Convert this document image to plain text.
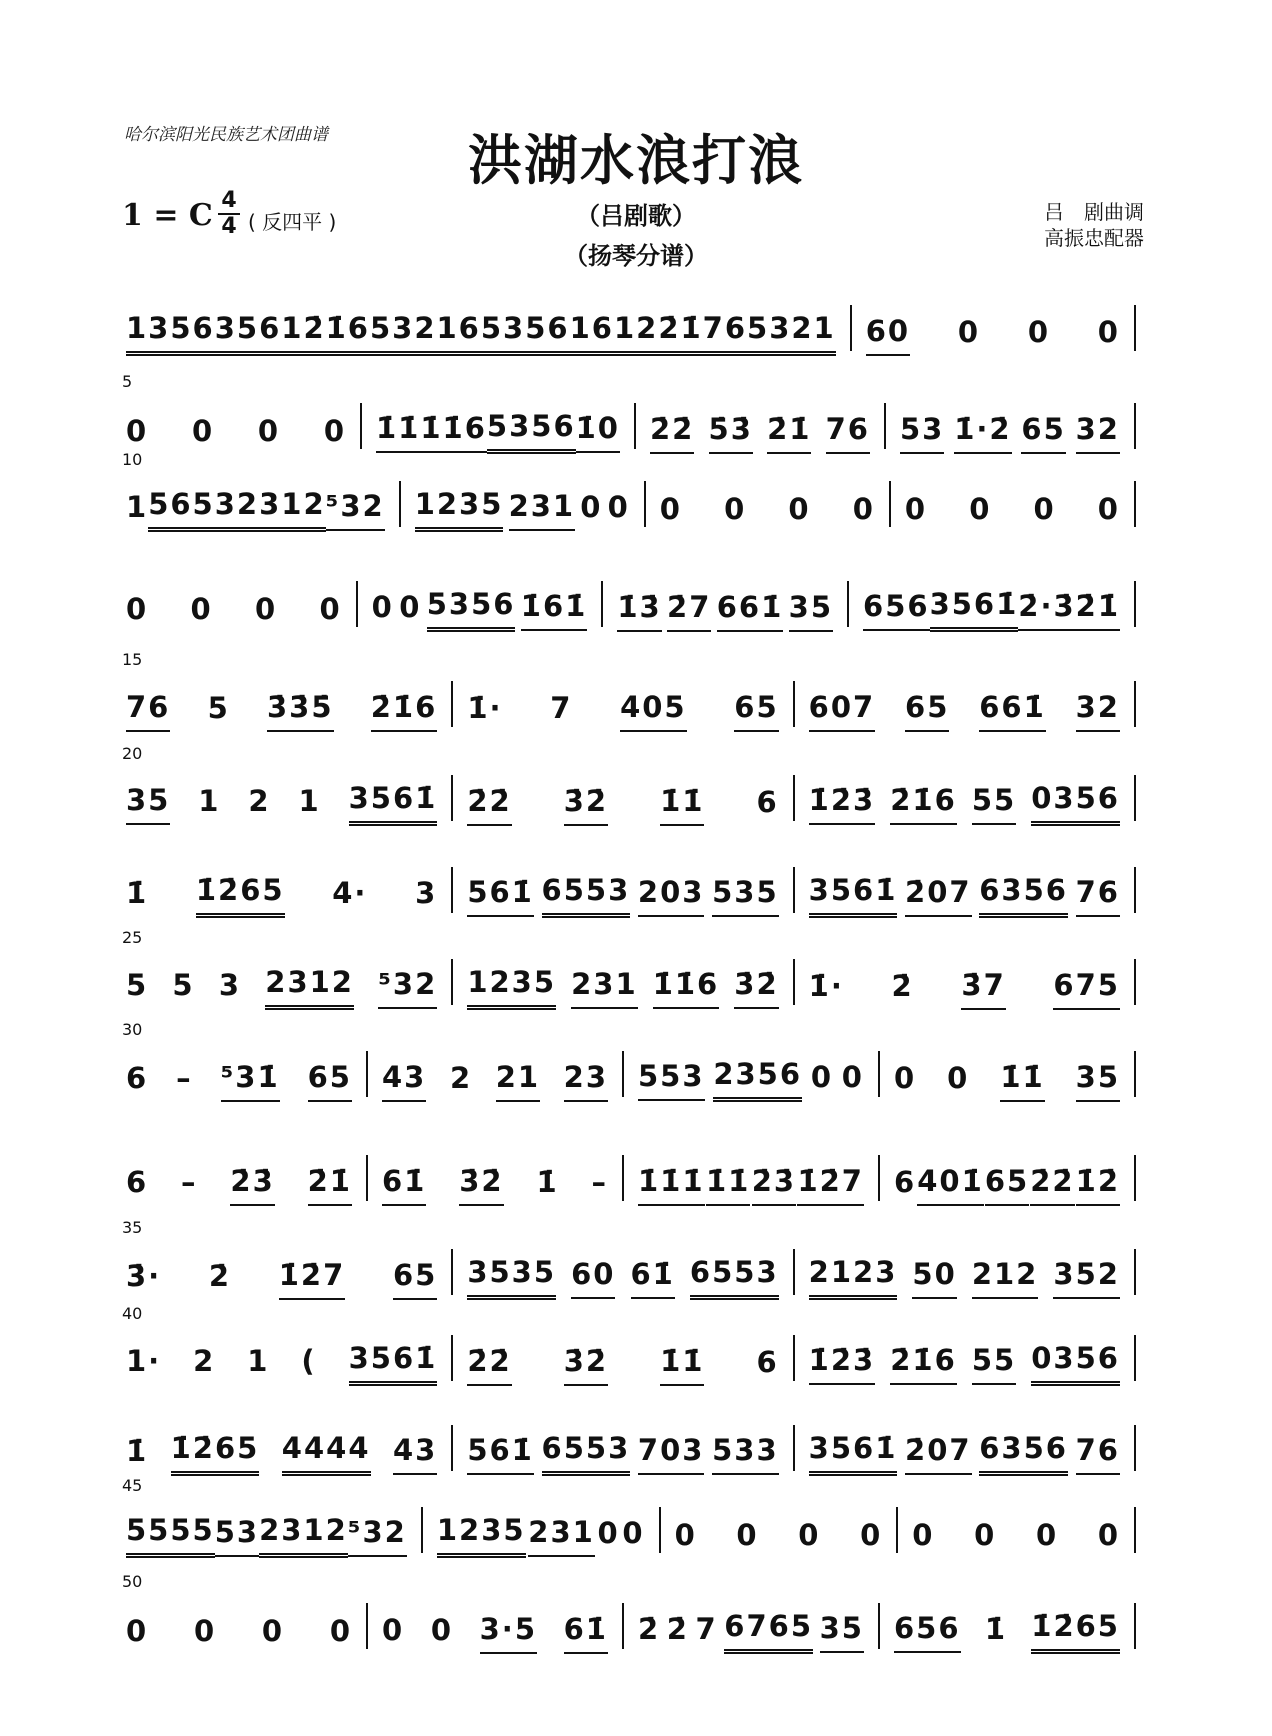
哈尔滨阳光民族艺术团曲谱	洪湖水浪打浪
1 = C 4
4 ( 反四平 )	（吕剧歌）
（扬琴分谱）
吕　剧曲调
高振忠配器
13563561 2̇1̇653216 53561612 2̇1̇765321 60 0 0 0
5
0 0 0 0 1̇1̇1̇ 1̇6 5356 1̇0 2̇2̇ 5̇3̇ 2̇1̇ 76 53 1̇·2̇ 65 32
10
1 5653 2312 ⁵32 1235 231 0 0 0 0 0 0 0 0 0 0
0 0 0 0 0 0 5356 1̇61̇ 1̇3̇ 2̇7 661̇ 35 656 3561̇ 2̇·3̇ 2̇1̇
15
76 5 3̇3̇5̇ 2̇1̇6 1̇· 7 405 65 607 65 661̇ 32
20
35 1 2 1 3561̇ 2̇2̇ 3̇2̇ 1̇1̇ 6 1̇2̇3̇ 2̇1̇6 55 0356
1̇ 1̇2̇65 4· 3 561̇ 6553 203 535 3561̇ 2̇07 6356 76
25
5 5 3 2312 ⁵32 1235 231 1̇1̇6 3̇2̇ 1̇· 2̇ 3̇7 675
30
6 – ⁵31̇ 65 43 2 21 23 553 2356 0 0 0 0 1̇1̇ 35
6 – 2̇3̇ 2̇1̇ 61̇ 3̇2̇ 1̇ – 1̇1̇1̇ 1̇1̇ 2̇3̇ 1̇2̇7 6 401̇ 65 2̇2̇ 1̇2̇
35
3̇· 2̇ 1̇2̇7 65 3535 60 61̇ 6553 2123 50 212 352
40
1· 2 1 ( 3561̇ 2̇2̇ 3̇2̇ 1̇1̇ 6 1̇2̇3̇ 2̇1̇6 55 0356
1̇ 1̇2̇65 4444 43 561̇ 6553 703 533 3561̇ 2̇07 6356 76
45
5555 53 2312 ⁵32 1235 231 0 0 0 0 0 0 0 0 0 0
50
0 0 0 0 0 0 3·5 61̇ 2̇ 2̇ 7 6765 35 656 1̇ 1̇2̇65
